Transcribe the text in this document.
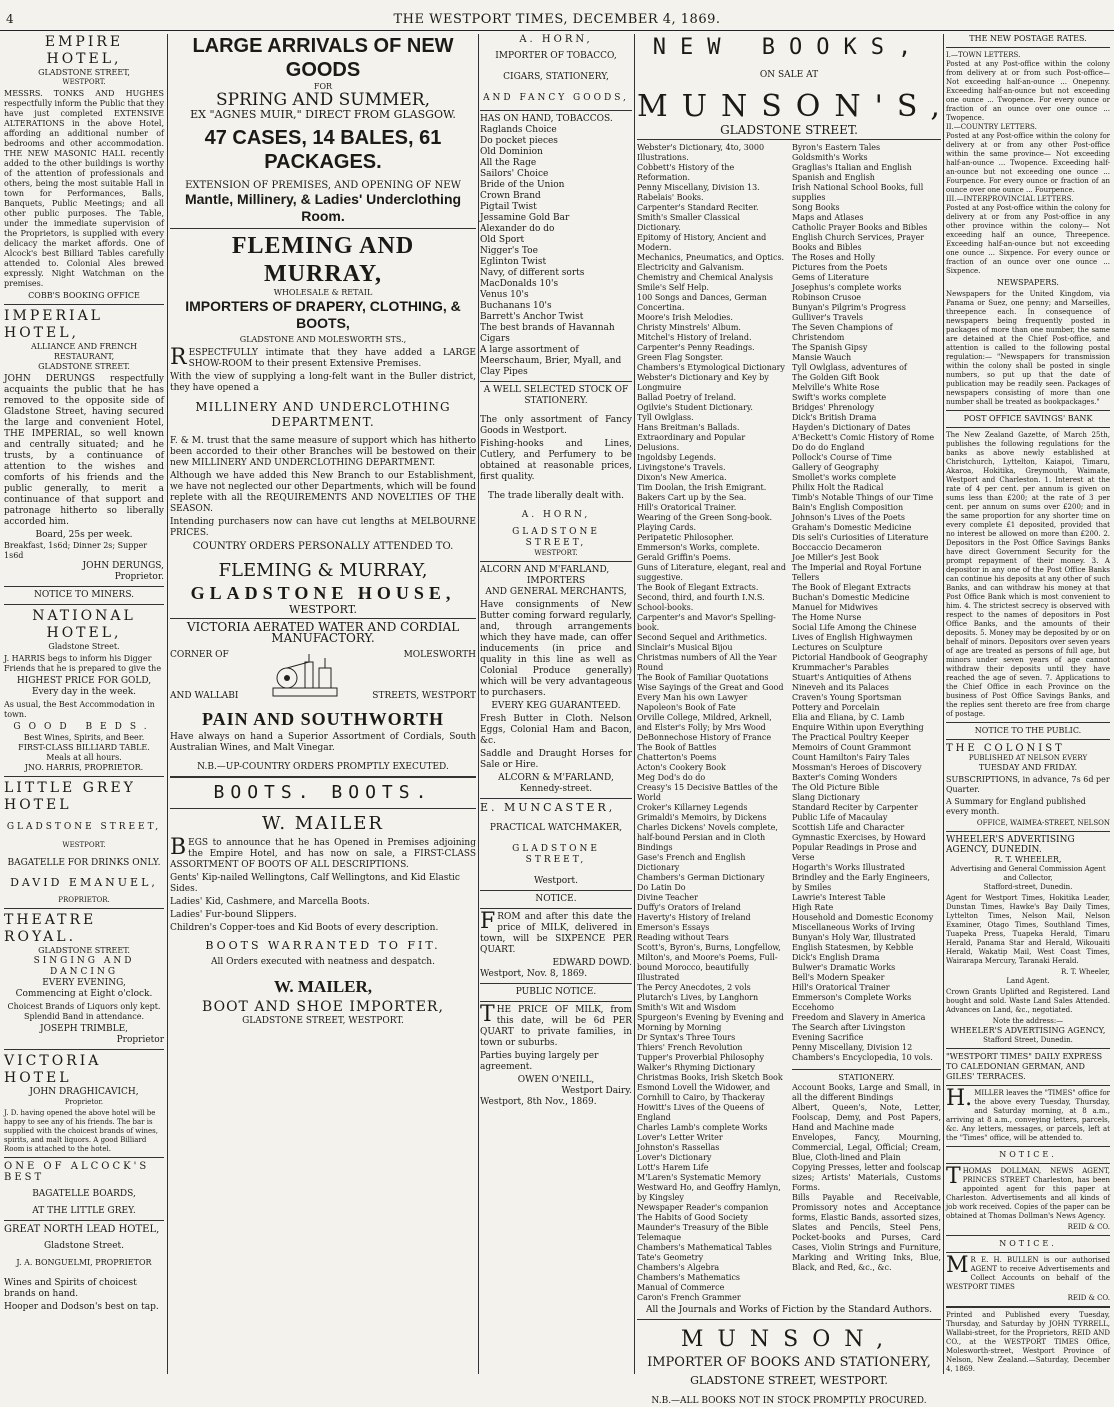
4	THE WESTPORT TIMES, DECEMBER 4, 1869.
EMPIRE HOTEL,
GLADSTONE STREET,
WESTPORT.

MESSRS. TONKS AND HUGHES respectfully inform the Public that they have just completed EXTENSIVE ALTERATIONS in the above Hotel, affording an additional number of bedrooms and other accommodation. THE NEW MASONIC HALL recently added to the other buildings is worthy of the attention of professionals and others, being the most suitable Hall in town for Performances, Balls, Banquets, Public Meetings; and all other public purposes. The Table, under the immediate supervision of the Proprietors, is supplied with every delicacy the market affords. One of Alcock's best Billiard Tables carefully attended to. Colonial Ales brewed expressly. Night Watchman on the premises.

COBB'S BOOKING OFFICE
IMPERIAL HOTEL,
ALLIANCE AND FRENCH RESTAURANT,
GLADSTONE STREET.

JOHN DERUNGS respectfully acquaints the public that he has removed to the opposite side of Gladstone Street, having secured the large and convenient Hotel, THE IMPERIAL, so well known and centrally situated; and he trusts, by a continuance of attention to the wishes and comforts of his friends and the public generally, to merit a continuance of that support and patronage hitherto so liberally accorded him.

Board, 25s per week.
Breakfast, 1s6d; Dinner 2s; Supper 1s6d
JOHN DERUNGS,
Proprietor.
NOTICE TO MINERS.
NATIONAL HOTEL,
Gladstone Street.

J. HARRIS begs to inform his Digger Friends that he is prepared to give the

HIGHEST PRICE FOR GOLD,
Every day in the week.

As usual, the Best Accommodation in town.

GOOD BEDS.
Best Wines, Spirits, and Beer.
FIRST-CLASS BILLIARD TABLE.
Meals at all hours.
JNO. HARRIS, PROPRIETOR.
LITTLE GREY HOTEL
GLADSTONE STREET,
WESTPORT.
BAGATELLE FOR DRINKS ONLY.
DAVID EMANUEL,
PROPRIETOR.
THEATRE ROYAL.
GLADSTONE STREET.
SINGING AND DANCING
EVERY EVENING,
Commencing at Eight o'clock.

Choicest Brands of Liquors only kept. Splendid Band in attendance.

JOSEPH TRIMBLE,
Proprietor
VICTORIA HOTEL
JOHN DRAGHICAVICH,
Proprietor.

J. D. having opened the above hotel will be happy to see any of his friends. The bar is supplied with the choicest brands of wines, spirits, and malt liquors. A good Billiard Room is attached to the hotel.

ONE OF ALCOCK'S BEST
BAGATELLE BOARDS,
AT THE LITTLE GREY.
GREAT NORTH LEAD HOTEL,
Gladstone Street.
J. A. BONGUELMI, PROPRIETOR

Wines and Spirits of choicest brands on hand.

Hooper and Dodson's best on tap.

LARGE ARRIVALS OF NEW GOODS
FOR
SPRING AND SUMMER,
EX "AGNES MUIR," DIRECT FROM GLASGOW.
47 CASES, 14 BALES, 61 PACKAGES.
EXTENSION OF PREMISES, AND OPENING OF NEW
Mantle, Millinery, & Ladies' Underclothing Room.
FLEMING AND MURRAY,
WHOLESALE & RETAIL
IMPORTERS OF DRAPERY, CLOTHING, & BOOTS,
GLADSTONE AND MOLESWORTH STS.,

RESPECTFULLY intimate that they have added a LARGE SHOW-ROOM to their present Extensive Premises.

With the view of supplying a long-felt want in the Buller district, they have opened a

MILLINERY AND UNDERCLOTHING DEPARTMENT.

F. & M. trust that the same measure of support which has hitherto been accorded to their other Branches will be bestowed on their new MILLINERY AND UNDERCLOTHING DEPARTMENT.

Although we have added this New Branch to our Establishment, we have not neglected our other Departments, which will be found replete with all the REQUIREMENTS AND NOVELTIES OF THE SEASON.

Intending purchasers now can have cut lengths at MELBOURNE PRICES.

COUNTRY ORDERS PERSONALLY ATTENDED TO.
FLEMING & MURRAY,
GLADSTONE HOUSE,
WESTPORT.
VICTORIA AERATED WATER AND CORDIAL
MANUFACTORY.
CORNER OF
AND WALLABI
MOLESWORTH
STREETS, WESTPORT
PAIN AND SOUTHWORTH

Have always on hand a Superior Assortment of Cordials, South Australian Wines, and Malt Vinegar.

N.B.—UP-COUNTRY ORDERS PROMPTLY EXECUTED.
BOOTS. BOOTS.
W. MAILER

BEGS to announce that he has Opened in Premises adjoining the Empire Hotel, and has now on sale, a FIRST-CLASS ASSORTMENT OF BOOTS OF ALL DESCRIPTIONS.

Gents' Kip-nailed Wellingtons, Calf Wellingtons, and Kid Elastic Sides.

Ladies' Kid, Cashmere, and Marcella Boots.

Ladies' Fur-bound Slippers.

Children's Copper-toes and Kid Boots of every description.

BOOTS WARRANTED TO FIT.
All Orders executed with neatness and despatch.
W. MAILER,
BOOT AND SHOE IMPORTER,
GLADSTONE STREET, WESTPORT.
A. HORN,
IMPORTER OF TOBACCO,
CIGARS, STATIONERY,
AND FANCY GOODS,
HAS ON HAND, TOBACCOS.
Raglands Choice
Do pocket pieces
Old Dominion
All the Rage
Sailors' Choice
Bride of the Union
Crown Brand
Pigtail Twist
Jessamine Gold Bar
Alexander do do
Old Sport
Nigger's Toe
Eglinton Twist
Navy, of different sorts
MacDonalds 10's
Venus 10's
Buchanans 10's
Barrett's Anchor Twist
The best brands of Havannah Cigars
A large assortment of Meerschaum, Brier, Myall, and Clay Pipes
A WELL SELECTED STOCK OF STATIONERY.

The only assortment of Fancy Goods in Westport.

Fishing-hooks and Lines, Cutlery, and Perfumery to be obtained at reasonable prices, first quality.

The trade liberally dealt with.
A. HORN,
GLADSTONE STREET,
WESTPORT.
ALCORN AND M'FARLAND,
IMPORTERS
AND GENERAL MERCHANTS,

Have consignments of New Butter coming forward regularly, and, through arrangements which they have made, can offer inducements (in price and quality in this line as well as Colonial Produce generally) which will be very advantageous to purchasers.

EVERY KEG GUARANTEED.

Fresh Butter in Cloth. Nelson Eggs, Colonial Ham and Bacon, &c.

Saddle and Draught Horses for Sale or Hire.

ALCORN & M'FARLAND,
Kennedy-street.
E. MUNCASTER,
PRACTICAL WATCHMAKER,
GLADSTONE STREET,
Westport.
NOTICE.

FROM and after this date the price of MILK, delivered in town, will be SIXPENCE PER QUART.

EDWARD DOWD.
Westport, Nov. 8, 1869.
PUBLIC NOTICE.

THE PRICE OF MILK, from this date, will be 6d PER QUART to private families, in town or suburbs.

Parties buying largely per agreement.

OWEN O'NEILL,
Westport Dairy.
Westport, 8th Nov., 1869.
NEW BOOKS,
ON SALE AT
MUNSON'S,
GLADSTONE STREET.
Webster's Dictionary, 4to, 3000 Illustrations.
Cobbett's History of the Reformation.
Penny Miscellany, Division 13.
Rabelais' Books.
Carpenter's Standard Reciter.
Smith's Smaller Classical Dictionary.
Epitomy of History, Ancient and Modern.
Mechanics, Pneumatics, and Optics.
Electricity and Galvanism.
Chemistry and Chemical Analysis
Smile's Self Help.
100 Songs and Dances, German Concertina.
Moore's Irish Melodies.
Christy Minstrels' Album.
Mitchel's History of Ireland.
Carpenter's Penny Readings.
Green Flag Songster.
Chambers's Etymological Dictionary
Webster's Dictionary and Key by Longmuire
Ballad Poetry of Ireland.
Ogilvie's Student Dictionary.
Tyll Owlglass.
Hans Breitman's Ballads.
Extraordinary and Popular Delusions.
Ingoldsby Legends.
Livingstone's Travels.
Dixon's New America.
Tim Doolan, the Irish Emigrant.
Bakers Cart up by the Sea.
Hill's Oratorical Trainer.
Wearing of the Green Song-book.
Playing Cards.
Peripatetic Philosopher.
Emmerson's Works, complete.
Gerald Griffin's Poems.
Guns of Literature, elegant, real and suggestive.
The Book of Elegant Extracts.
Second, third, and fourth I.N.S. School-books.
Carpenter's and Mavor's Spelling-book.
Second Sequel and Arithmetics.
Sinclair's Musical Bijou
Christmas numbers of All the Year Round
The Book of Familiar Quotations
Wise Sayings of the Great and Good
Every Man his own Lawyer
Napoleon's Book of Fate
Orville College, Mildred, Arknell, and Elster's Folly; by Mrs Wood
DeBonnechose History of France
The Book of Battles
Chatterton's Poems
Acton's Cookery Book
Meg Dod's do do
Creasy's 15 Decisive Battles of the World
Croker's Killarney Legends
Grimaldi's Memoirs, by Dickens
Charles Dickens' Novels complete, half-bound Persian and in Cloth Bindings
Gase's French and English Dictionary
Chambers's German Dictionary
Do Latin Do
Divine Teacher
Duffy's Orators of Ireland
Haverty's History of Ireland
Emerson's Essays
Reading without Tears
Scott's, Byron's, Burns, Longfellow, Milton's, and Moore's Poems, Full-bound Morocco, beautifully Illustrated
The Percy Anecdotes, 2 vols
Plutarch's Lives, by Langhorn
Smith's Wit and Wisdom
Spurgeon's Evening by Evening and Morning by Morning
Dr Syntax's Three Tours
Thiers' French Revolution
Tupper's Proverbial Philosophy
Walker's Rhyming Dictionary
Christmas Books, Irish Sketch Book
Esmond Lovell the Widower, and Cornhill to Cairo, by Thackeray
Howitt's Lives of the Queens of England
Charles Lamb's complete Works
Lover's Letter Writer
Johnston's Rassellas
Lover's Dictionary
Lott's Harem Life
M'Laren's Systematic Memory
Westward Ho, and Geoffry Hamlyn, by Kingsley
Newspaper Reader's companion
The Habits of Good Society
Maunder's Treasury of the Bible
Telemaque
Chambers's Mathematical Tables
Tate's Geometry
Chambers's Algebra
Chambers's Mathematics
Manual of Commerce
Caron's French Grammer
Byron's Eastern Tales
Goldsmith's Works
Graglias's Italian and English
Spanish and English
Irish National School Books, full supplies
Song Books
Maps and Atlases
Catholic Prayer Books and Bibles
English Church Services, Prayer Books and Bibles
The Roses and Holly
Pictures from the Poets
Gems of Literature
Josephus's complete works
Robinson Crusoe
Bunyan's Pilgrim's Progress
Gulliver's Travels
The Seven Champions of Christendom
The Spanish Gipsy
Mansie Wauch
Tyll Owlglass, adventures of
The Golden Gift Book
Melville's White Rose
Swift's works complete
Bridges' Phrenology
Dick's British Drama
Hayden's Dictionary of Dates
A'Beckett's Comic History of Rome
Do do do England
Pollock's Course of Time
Gallery of Geography
Smollet's works complete
Philix Holt the Radical
Timb's Notable Things of our Time
Bain's English Composition
Johnson's Lives of the Poets
Graham's Domestic Medicine
Dis seli's Curiosities of Literature
Boccaccio Decameron
Joe Miller's Jest Book
The Imperial and Royal Fortune Tellers
The Book of Elegant Extracts
Buchan's Domestic Medicine
Manuel for Midwives
The Home Nurse
Social Life Among the Chinese
Lives of English Highwaymen
Lectures on Sculpture
Pictorial Handbook of Geography
Krummacher's Parables
Stuart's Antiquities of Athens
Nineveh and its Palaces
Craven's Young Sportsman
Pottery and Porcelain
Elia and Eliana, by C. Lamb
Enquire Within upon Everything
The Practical Poultry Keeper
Memoirs of Count Grammont
Count Hamilton's Fairy Tales
Mossman's Heroes of Discovery
Baxter's Coming Wonders
The Old Picture Bible
Slang Dictionary
Standard Reciter by Carpenter
Public Life of Macaulay
Scottish Life and Character
Gymnastic Exercises, by Howard
Popular Readings in Prose and Verse
Hogarth's Works Illustrated
Brindley and the Early Engineers, by Smiles
Lawrie's Interest Table
High Rate
Household and Domestic Economy
Miscellaneous Works of Irving
Bunyan's Holy War, Illustrated
English Statesmen, by Kebble
Dick's English Drama
Bulwer's Dramatic Works
Bell's Modern Speaker
Hill's Oratorical Trainer
Emmerson's Complete Works
Eccehomo
Freedom and Slavery in America
The Search after Livingston
Evening Sacrifice
Penny Miscellany, Division 12
Chambers's Encyclopedia, 10 vols.
STATIONERY.
Account Books, Large and Small, in all the different Bindings
Albert, Queen's, Note, Letter, Foolscap, Demy, and Post Papers, Hand and Machine made
Envelopes, Fancy, Mourning, Commercial, Legal, Official; Cream, Blue, Cloth-lined and Plain
Copying Presses, letter and foolscap sizes; Artists' Materials, Customs Forms.
Bills Payable and Receivable, Promissory notes and Acceptance forms, Elastic Bands, assorted sizes, Slates and Pencils, Steel Pens, Pocket-books and Purses, Card Cases, Violin Strings and Furniture, Marking and Writing Inks, Blue, Black, and Red, &c., &c.

All the Journals and Works of Fiction by the Standard Authors.

MUNSON,
IMPORTER OF BOOKS AND STATIONERY,
GLADSTONE STREET, WESTPORT.
N.B.—ALL BOOKS NOT IN STOCK PROMPTLY PROCURED.
THE NEW POSTAGE RATES.
I.—TOWN LETTERS.
Posted at any Post-office within the colony from delivery at or from such Post-office— Not exceeding half-an-ounce ... Onepenny. Exceeding half-an-ounce but not exceeding one ounce ... Twopence. For every ounce or fraction of an ounce over one ounce ... Twopence.
II.—COUNTRY LETTERS.
Posted at any Post-office within the colony for delivery at or from any other Post-office within the same province— Not exceeding half-an-ounce ... Twopence. Exceeding half-an-ounce but not exceeding one ounce ... Fourpence. For every ounce or fraction of an ounce over one ounce ... Fourpence.
III.—INTERPROVINCIAL LETTERS.
Posted at any Post-office within the colony for delivery at or from any Post-office in any other province within the colony— Not exceeding half an ounce, Threepence. Exceeding half-an-ounce but not exceeding one ounce ... Sixpence. For every ounce or fraction of an ounce over one ounce ... Sixpence.
NEWSPAPERS.

Newspapers for the United Kingdom, via Panama or Suez, one penny; and Marseilles, threepence each. In consequence of newspapers being frequently posted in packages of more than one number, the same are detained at the Chief Post-office, and attention is called to the following postal regulation:— "Newspapers for transmission within the colony shall be posted in single numbers, so put up that the date of publication may be readily seen. Packages of newspapers consisting of more than one number shall be treated as bookpackages."

POST OFFICE SAVINGS' BANK

The New Zealand Gazette, of March 25th, publishes the following regulations for the banks as above newly established at Christchurch, Lyttelton, Kaiapoi, Timaru, Akaroa, Hokitika, Greymouth, Waimate, Westport and Charleston. 1. Interest at the rate of 4 per cent. per annum is given on sums less than £200; at the rate of 3 per cent. per annum on sums over £200; and in the same proportion for any shorter time on every complete £1 deposited, provided that no interest be allowed on more than £200. 2. Depositors in the Post Office Savings Banks have direct Government Security for the prompt repayment of their money. 3. A depositor in any one of the Post Office Banks can continue his deposits at any other of such Banks, and can withdraw his money at that Post Office Bank which is most convenient to him. 4. The strictest secrecy is observed with respect to the names of depositors in Post Office Banks, and the amounts of their deposits. 5. Money may be deposited by or on behalf of minors. Depositors over seven years of age are treated as persons of full age, but minors under seven years of age cannot withdraw their deposits until they have reached the age of seven. 7. Applications to the Chief Office in each Province on the business of Post Office Savings Banks, and the replies sent thereto are free from charge of postage.

NOTICE TO THE PUBLIC.
THE COLONIST
PUBLISHED AT NELSON EVERY
TUESDAY AND FRIDAY.

SUBSCRIPTIONS, in advance, 7s 6d per Quarter.

A Summary for England published every month.

OFFICE, WAIMEA-STREET, NELSON
WHEELER'S ADVERTISING AGENCY, DUNEDIN.
R. T. WHEELER,
Advertising and General Commission Agent and Collector,
Stafford-street, Dunedin.

Agent for Westport Times, Hokitika Leader, Dunstan Times, Hawke's Bay Daily Times, Lyttelton Times, Nelson Mail, Nelson Examiner, Otago Times, Southland Times, Tuapeka Press, Tuapeka Herald, Timaru Herald, Panama Star and Herald, Wikouaiti Herald, Wakatip Mail, West Coast Times, Wairarapa Mercury, Taranaki Herald.

R. T. Wheeler,
Land Agent.

Crown Grants Uplifted and Registered. Land bought and sold. Waste Land Sales Attended. Advances on Land, &c., negotiated.

Note the address:—
WHEELER'S ADVERTISING AGENCY,
Stafford Street, Dunedin.

"WESTPORT TIMES" DAILY EXPRESS TO CALEDONIAN GERMAN, AND GILES' TERRACES.

H.MILLER leaves the "TIMES" office for the above every Tuesday, Thursday, and Saturday morning, at 8 a.m., arriving at 8 a.m., conveying letters, parcels, &c. Any letters, messages, or parcels, left at the "Times" office, will be attended to.

NOTICE.

THOMAS DOLLMAN, NEWS AGENT, PRINCES STREET Charleston, has been appointed agent for this paper at Charleston. Advertisements and all kinds of job work received. Copies of the paper can be obtained at Thomas Dollman's News Agency.

REID & CO.
NOTICE.

MR E. H. BULLEN is our authorised AGENT to receive Advertisements and Collect Accounts on behalf of the WESTPORT TIMES

REID & CO.

Printed and Published every Tuesday, Thursday, and Saturday by JOHN TYRRELL, Wallabi-street, for the Proprietors, REID AND CO., at the WESTPORT TIMES Office, Molesworth-street, Westport Province of Nelson, New Zealand.—Saturday, December 4, 1869.
